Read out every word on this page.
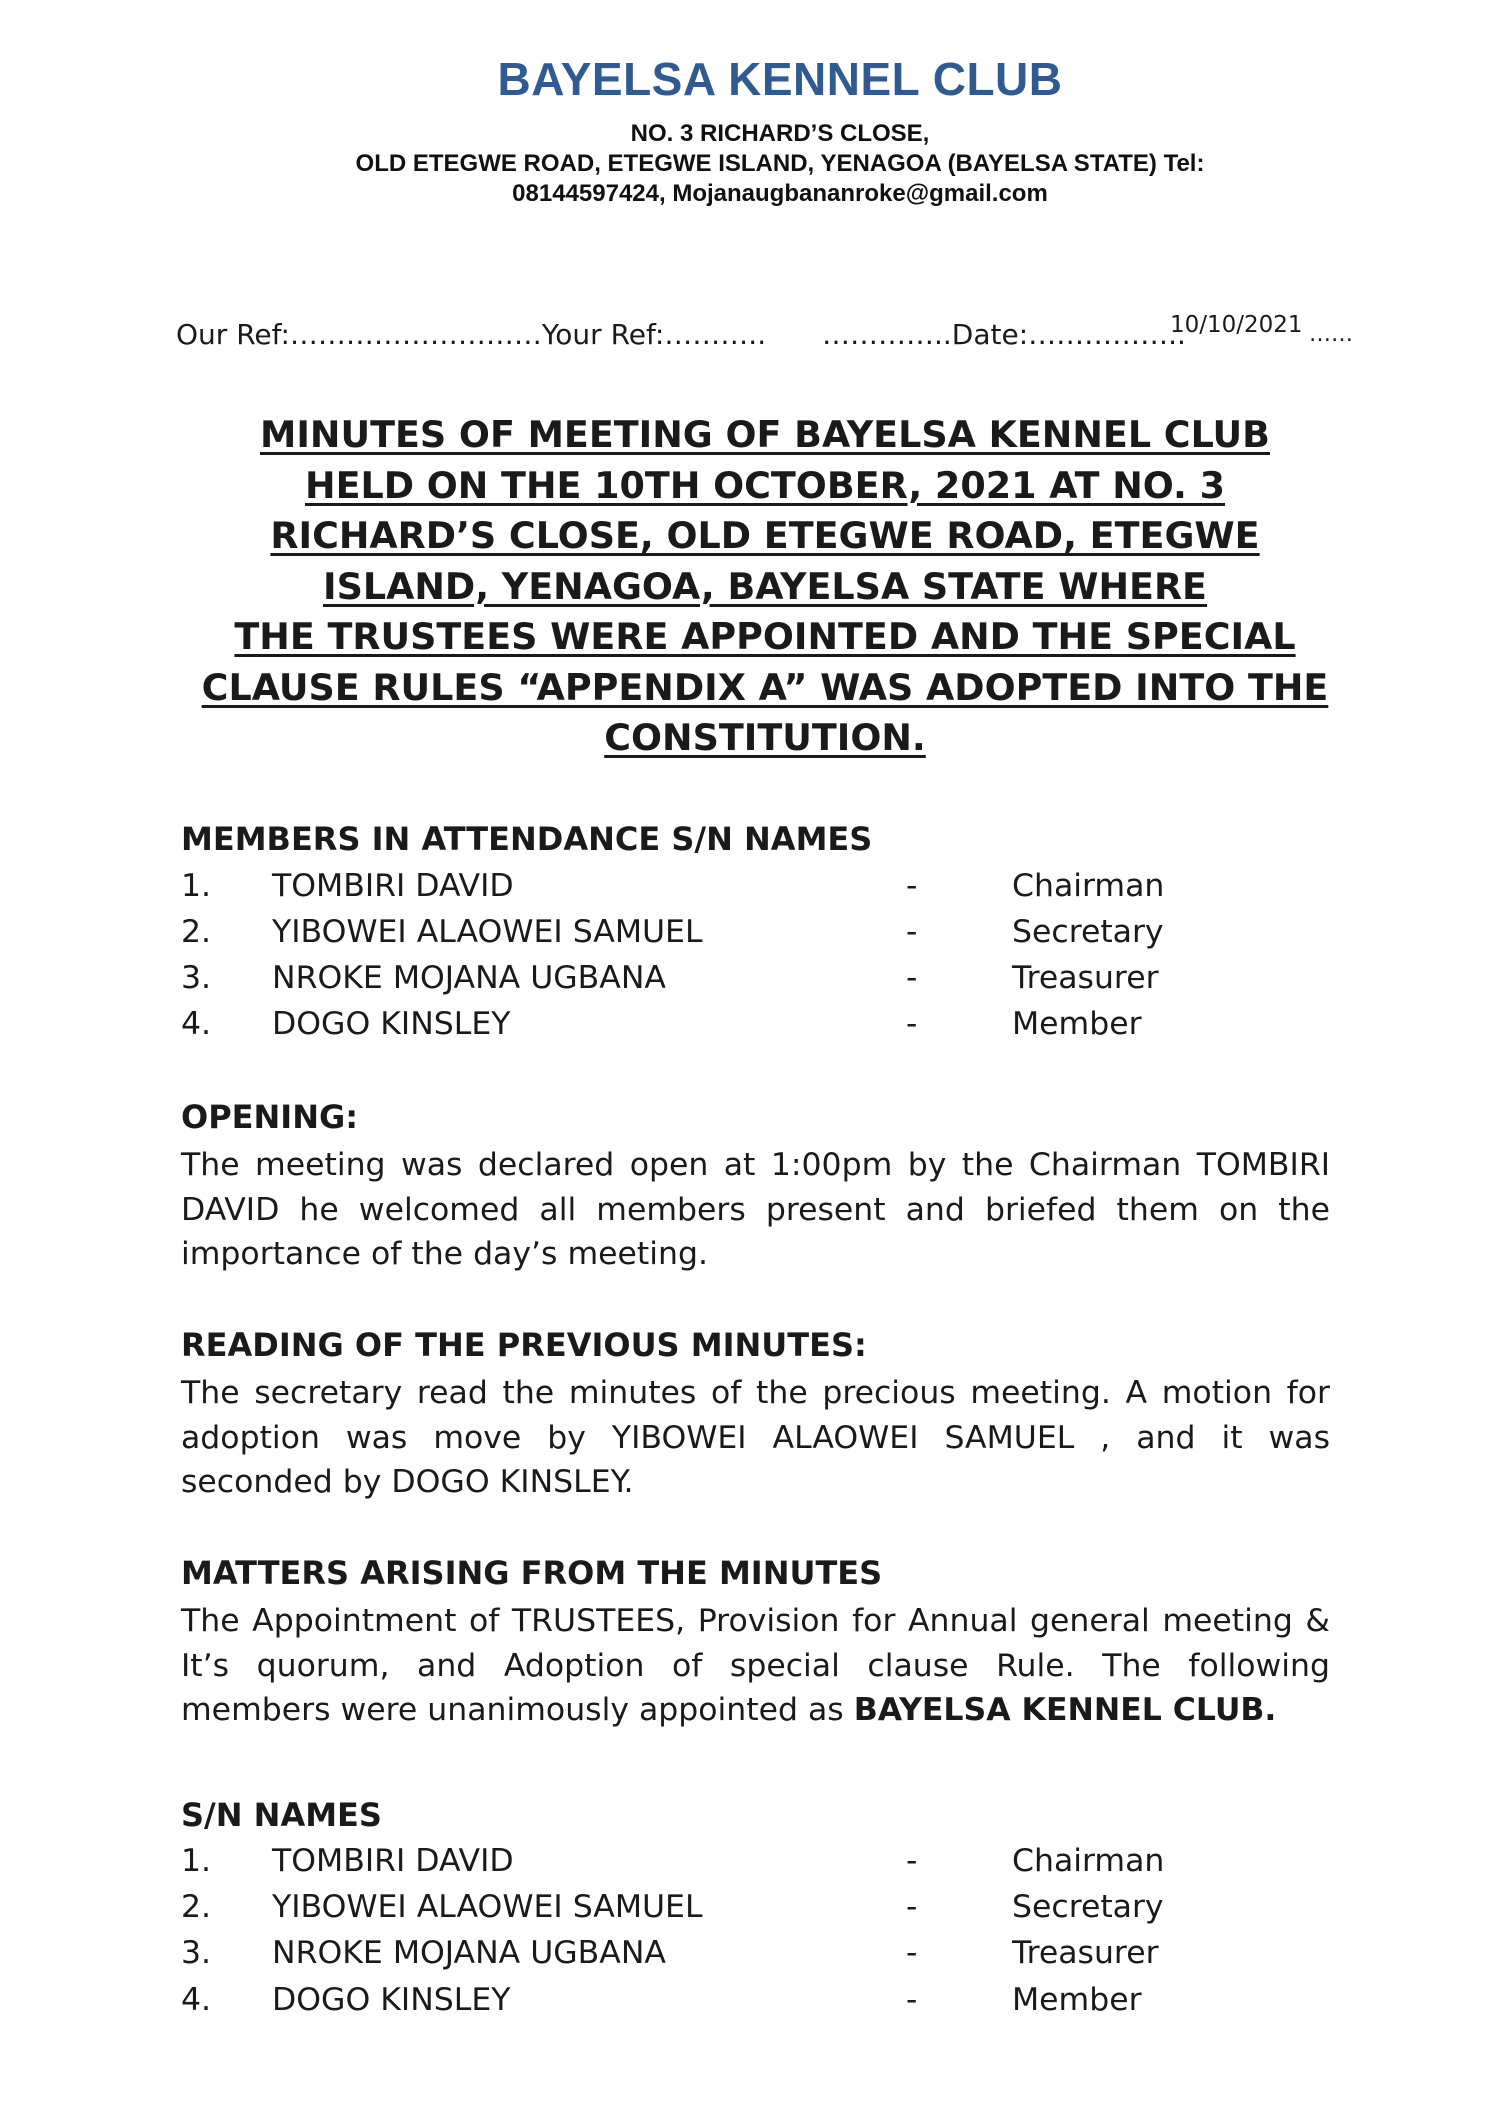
BAYELSA KENNEL CLUB
NO. 3 RICHARD’S CLOSE,
OLD ETEGWE ROAD, ETEGWE ISLAND, YENAGOA (BAYELSA STATE) Tel:
08144597424, Mojanaugbananroke@gmail.com
Our Ref:………………………Your Ref:……….. …………..Date:……………..
10/10/2021 ……
MINUTES OF MEETING OF BAYELSA KENNEL CLUB
HELD ON THE 10TH OCTOBER, 2021 AT NO. 3
RICHARD’S CLOSE, OLD ETEGWE ROAD, ETEGWE
ISLAND, YENAGOA, BAYELSA STATE WHERE
THE TRUSTEES WERE APPOINTED AND THE SPECIAL
CLAUSE RULES “APPENDIX A” WAS ADOPTED INTO THE
CONSTITUTION.
MEMBERS IN ATTENDANCE S/N NAMES
1. TOMBIRI DAVID	-	Chairman
2. YIBOWEI ALAOWEI SAMUEL	-	Secretary
3. NROKE MOJANA UGBANA	-	Treasurer
4. DOGO KINSLEY	-	Member
OPENING:
The meeting was declared open at 1:00pm by the Chairman TOMBIRI DAVID he welcomed all members present and briefed them on the importance of the day’s meeting.
READING OF THE PREVIOUS MINUTES:
The secretary read the minutes of the precious meeting. A motion for adoption was move by YIBOWEI ALAOWEI SAMUEL , and it was seconded by DOGO KINSLEY.
MATTERS ARISING FROM THE MINUTES
The Appointment of TRUSTEES, Provision for Annual general meeting & It’s quorum, and Adoption of special clause Rule. The following members were unanimously appointed as BAYELSA KENNEL CLUB.
S/N NAMES
1. TOMBIRI DAVID	-	Chairman
2. YIBOWEI ALAOWEI SAMUEL	-	Secretary
3. NROKE MOJANA UGBANA	-	Treasurer
4. DOGO KINSLEY	-	Member
